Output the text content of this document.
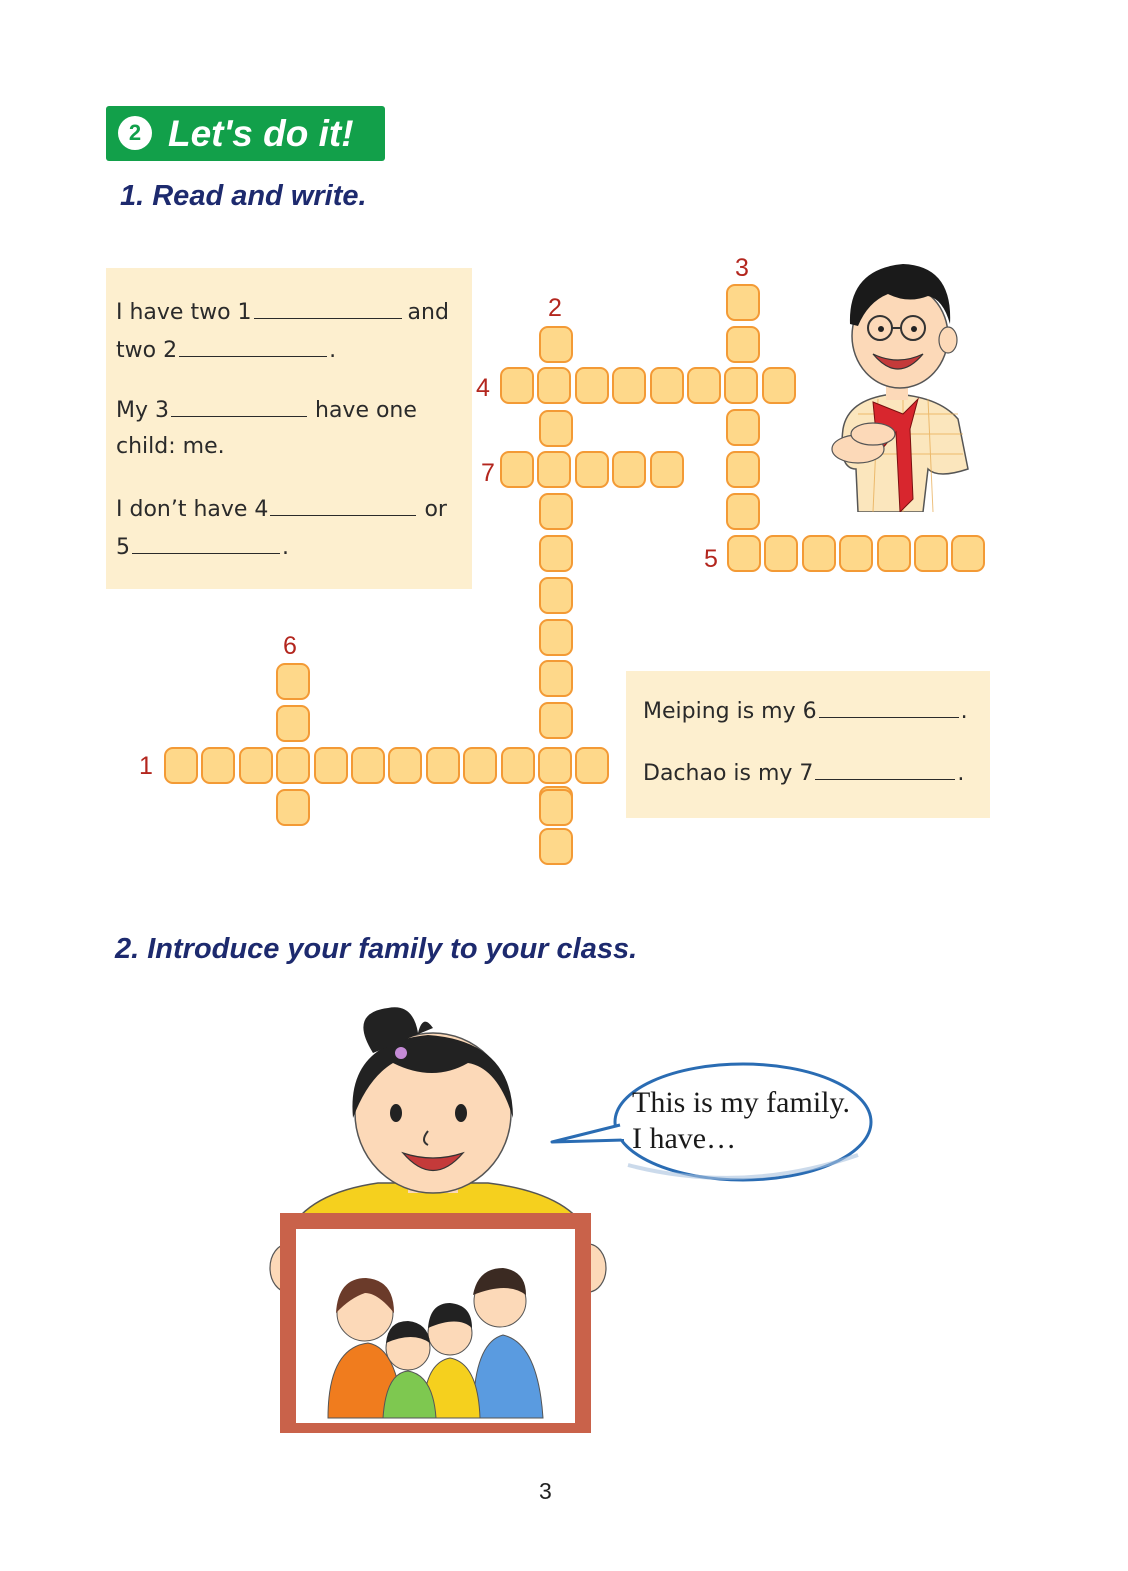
2 Let's do it!
1. Read and write.
I have two 1	and
two 2	.
My 3	have one
child: me.
I don’t have 4	or
5	.
Meiping is my 6	.
Dachao is my 7	.
1
2
3
4
5
6
7
2. Introduce your family to your class.
This is my family.
I have…
3
